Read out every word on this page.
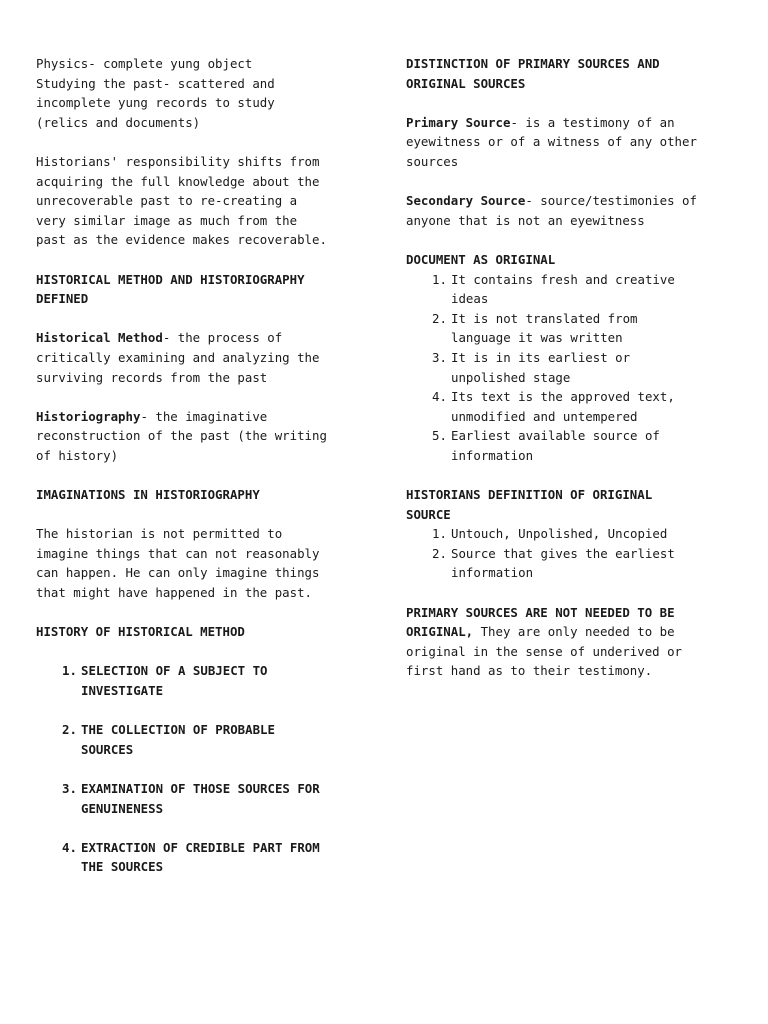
Physics- complete yung object
Studying the past- scattered and
incomplete yung records to study
(relics and documents)

Historians' responsibility shifts from
acquiring the full knowledge about the
unrecoverable past to re-creating a
very similar image as much from the
past as the evidence makes recoverable.

HISTORICAL METHOD AND HISTORIOGRAPHY
DEFINED

Historical Method- the process of
critically examining and analyzing the
surviving records from the past

Historiography- the imaginative
reconstruction of the past (the writing
of history)

IMAGINATIONS IN HISTORIOGRAPHY

The historian is not permitted to
imagine things that can not reasonably
can happen. He can only imagine things
that might have happened in the past.

HISTORY OF HISTORICAL METHOD
1. SELECTION OF A SUBJECT TO
INVESTIGATE
2. THE COLLECTION OF PROBABLE
SOURCES
3. EXAMINATION OF THOSE SOURCES FOR
GENUINENESS
4. EXTRACTION OF CREDIBLE PART FROM
THE SOURCES
DISTINCTION OF PRIMARY SOURCES AND
ORIGINAL SOURCES

Primary Source- is a testimony of an
eyewitness or of a witness of any other
sources

Secondary Source- source/testimonies of
anyone that is not an eyewitness

DOCUMENT AS ORIGINAL
1. It contains fresh and creative
ideas
2. It is not translated from
language it was written
3. It is in its earliest or
unpolished stage
4. Its text is the approved text,
unmodified and untempered
5. Earliest available source of
information
HISTORIANS DEFINITION OF ORIGINAL
SOURCE
1. Untouch, Unpolished, Uncopied
2. Source that gives the earliest
information

PRIMARY SOURCES ARE NOT NEEDED TO BE
ORIGINAL, They are only needed to be
original in the sense of underived or
first hand as to their testimony.
